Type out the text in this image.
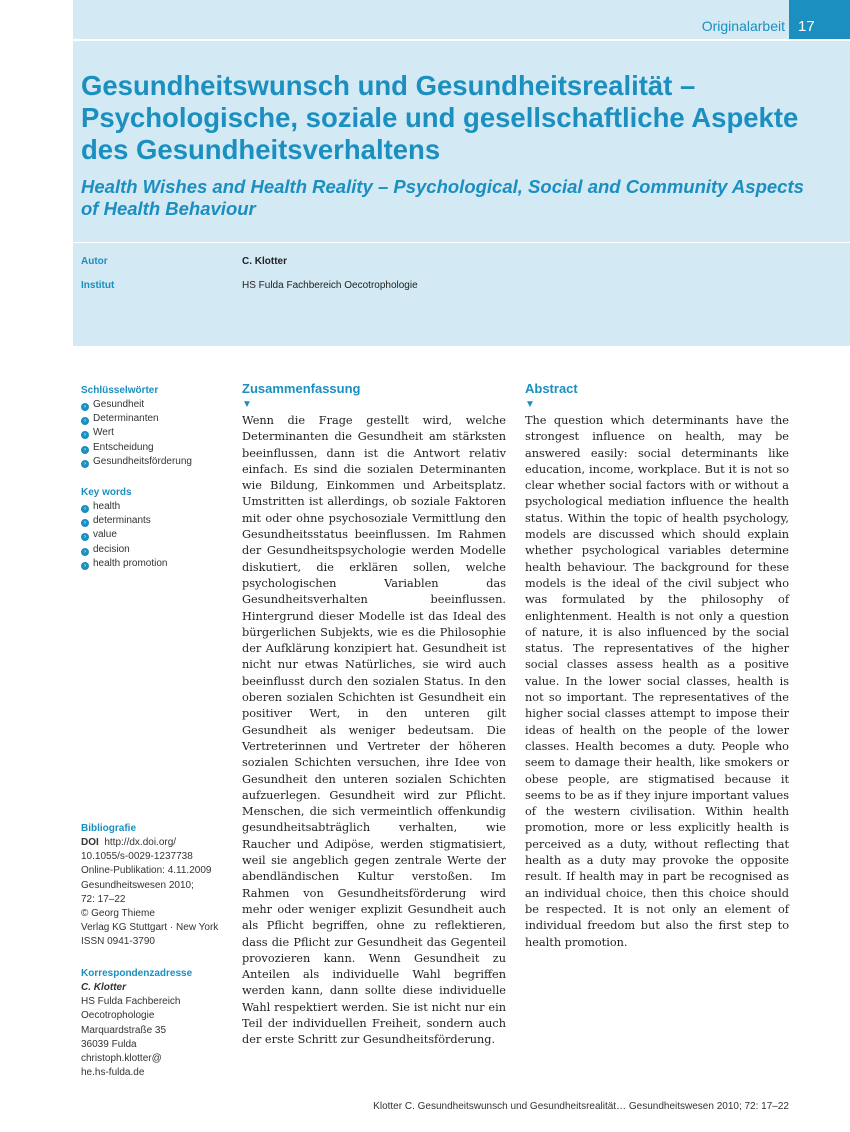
Originalarbeit 17
Gesundheitswunsch und Gesundheitsrealität – Psychologische, soziale und gesellschaftliche Aspekte des Gesundheitsverhaltens
Health Wishes and Health Reality – Psychological, Social and Community Aspects of Health Behaviour
Autor	C. Klotter
Institut	HS Fulda Fachbereich Oecotrophologie
Schlüsselwörter
› Gesundheit
› Determinanten
› Wert
› Entscheidung
› Gesundheitsförderung
Key words
› health
› determinants
› value
› decision
› health promotion
Bibliografie
DOI http://dx.doi.org/
10.1055/s-0029-1237738
Online-Publikation: 4.11.2009
Gesundheitswesen 2010;
72: 17–22
© Georg Thieme
Verlag KG Stuttgart · New York
ISSN 0941-3790
Korrespondenzadresse
C. Klotter
HS Fulda Fachbereich
Oecotrophologie
Marquardstraße 35
36039 Fulda
christoph.klotter@
he.hs-fulda.de
Zusammenfassung
▼
Wenn die Frage gestellt wird, welche Determinanten die Gesundheit am stärksten beeinflussen, dann ist die Antwort relativ einfach. Es sind die sozialen Determinanten wie Bildung, Einkommen und Arbeitsplatz. Umstritten ist allerdings, ob soziale Faktoren mit oder ohne psychosoziale Vermittlung den Gesundheitsstatus beeinflussen. Im Rahmen der Gesundheitspsychologie werden Modelle diskutiert, die erklären sollen, welche psychologischen Variablen das Gesundheitsverhalten beeinflussen. Hintergrund dieser Modelle ist das Ideal des bürgerlichen Subjekts, wie es die Philosophie der Aufklärung konzipiert hat. Gesundheit ist nicht nur etwas Natürliches, sie wird auch beeinflusst durch den sozialen Status. In den oberen sozialen Schichten ist Gesundheit ein positiver Wert, in den unteren gilt Gesundheit als weniger bedeutsam. Die Vertreterinnen und Vertreter der höheren sozialen Schichten versuchen, ihre Idee von Gesundheit den unteren sozialen Schichten aufzuerlegen. Gesundheit wird zur Pflicht. Menschen, die sich vermeintlich offenkundig gesundheitsabträglich verhalten, wie Raucher und Adipöse, werden stigmatisiert, weil sie angeblich gegen zentrale Werte der abendländischen Kultur verstoßen. Im Rahmen von Gesundheitsförderung wird mehr oder weniger explizit Gesundheit auch als Pflicht begriffen, ohne zu reflektieren, dass die Pflicht zur Gesundheit das Gegenteil provozieren kann. Wenn Gesundheit zu Anteilen als individuelle Wahl begriffen werden kann, dann sollte diese individuelle Wahl respektiert werden. Sie ist nicht nur ein Teil der individuellen Freiheit, sondern auch der erste Schritt zur Gesundheitsförderung.
Abstract
▼
The question which determinants have the strongest influence on health, may be answered easily: social determinants like education, income, workplace. But it is not so clear whether social factors with or without a psychological mediation influence the health status. Within the topic of health psychology, models are discussed which should explain whether psychological variables determine health behaviour. The background for these models is the ideal of the civil subject who was formulated by the philosophy of enlightenment. Health is not only a question of nature, it is also influenced by the social status. The representatives of the higher social classes assess health as a positive value. In the lower social classes, health is not so important. The representatives of the higher social classes attempt to impose their ideas of health on the people of the lower classes. Health becomes a duty. People who seem to damage their health, like smokers or obese people, are stigmatised because it seems to be as if they injure important values of the western civilisation. Within health promotion, more or less explicitly health is perceived as a duty, without reflecting that health as a duty may provoke the opposite result. If health may in part be recognised as an individual choice, then this choice should be respected. It is not only an element of individual freedom but also the first step to health promotion.
Klotter C. Gesundheitswunsch und Gesundheitsrealität… Gesundheitswesen 2010; 72: 17–22
